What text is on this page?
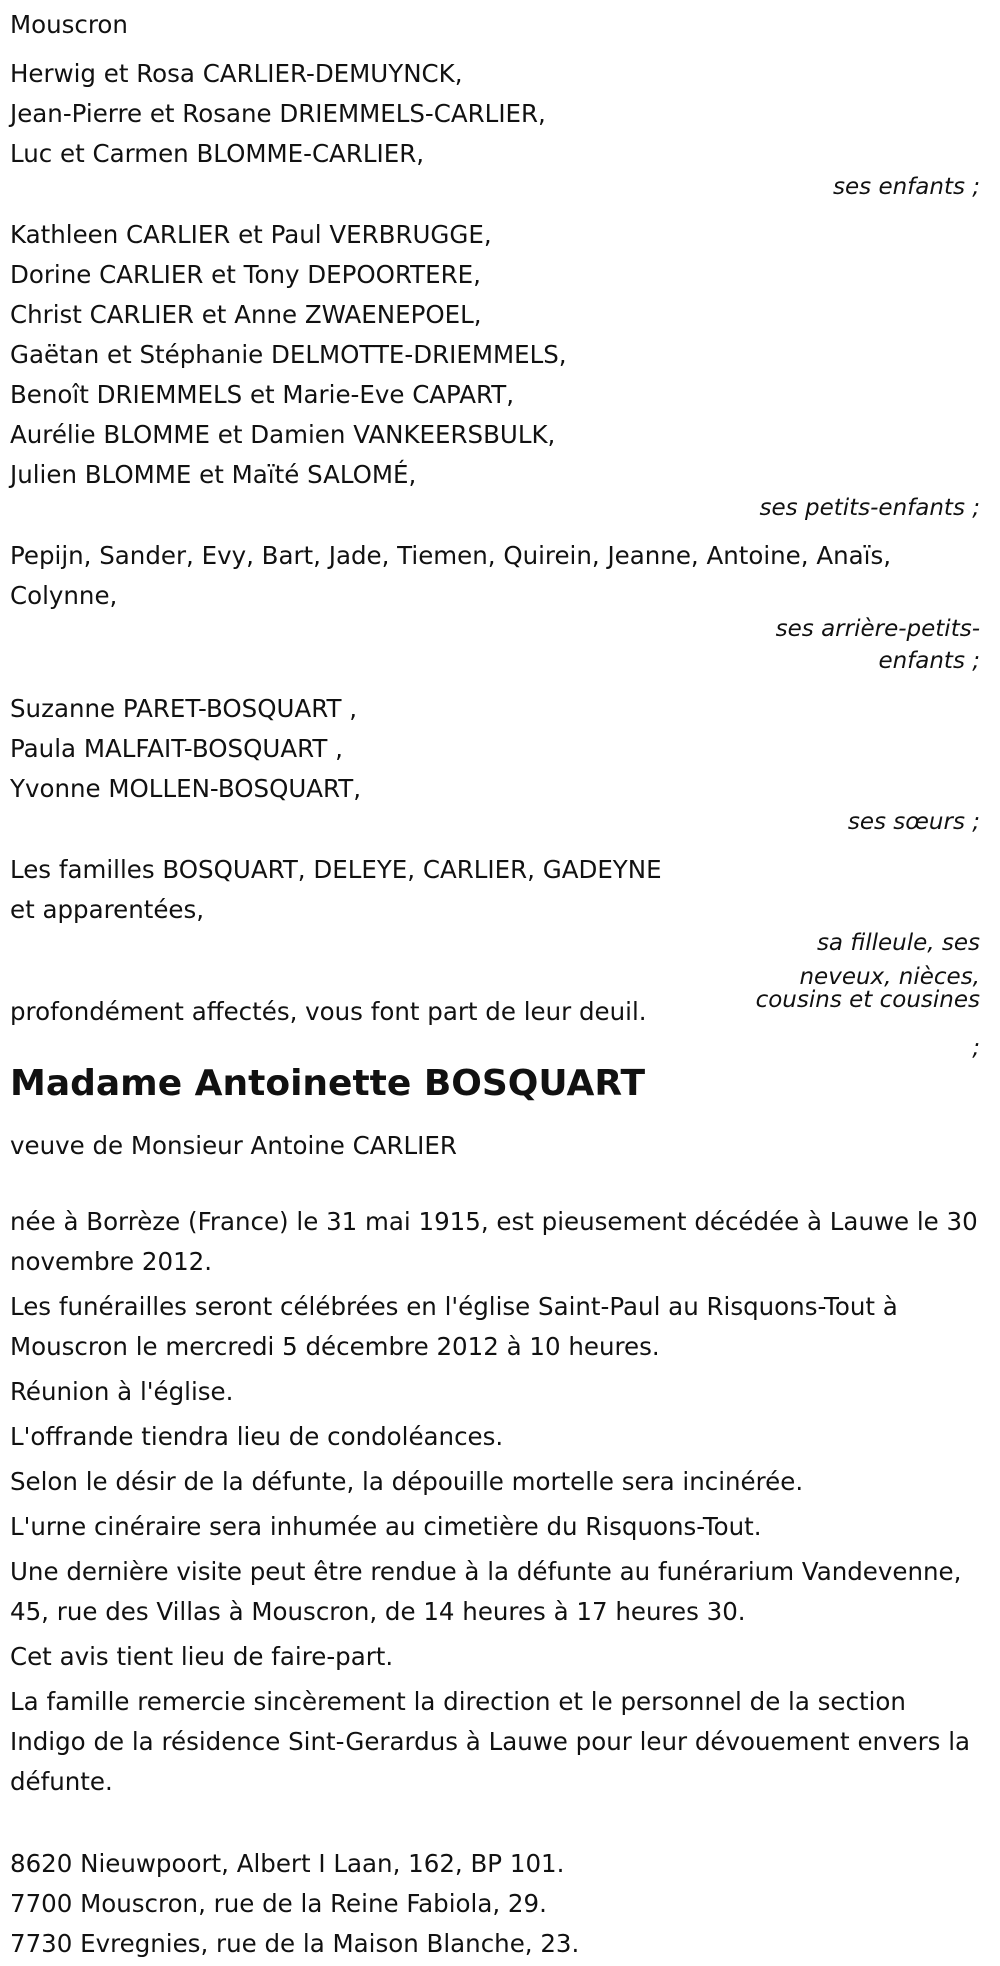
Mouscron
Herwig et Rosa CARLIER-DEMUYNCK,
Jean-Pierre et Rosane DRIEMMELS-CARLIER,
Luc et Carmen BLOMME-CARLIER,
ses enfants ;
Kathleen CARLIER et Paul VERBRUGGE,
Dorine CARLIER et Tony DEPOORTERE,
Christ CARLIER et Anne ZWAENEPOEL,
Gaëtan et Stéphanie DELMOTTE-DRIEMMELS,
Benoît DRIEMMELS et Marie-Eve CAPART,
Aurélie BLOMME et Damien VANKEERSBULK,
Julien BLOMME et Maïté SALOMÉ,
ses petits-enfants ;
Pepijn, Sander, Evy, Bart, Jade, Tiemen, Quirein, Jeanne, Antoine, Anaïs,
Colynne,
ses arrière-petits-
enfants ;
Suzanne PARET-BOSQUART ,
Paula MALFAIT-BOSQUART ,
Yvonne MOLLEN-BOSQUART,
ses sœurs ;
Les familles BOSQUART, DELEYE, CARLIER, GADEYNE
et apparentées,
sa filleule, ses
profondément affectés, vous font part de leur deuil.
neveux, nièces,
cousins et cousines
;
Madame Antoinette BOSQUART
veuve de Monsieur Antoine CARLIER
née à Borrèze (France) le 31 mai 1915, est pieusement décédée à Lauwe le 30 novembre 2012.
Les funérailles seront célébrées en l'église Saint-Paul au Risquons-Tout à Mouscron le mercredi 5 décembre 2012 à 10 heures.
Réunion à l'église.
L'offrande tiendra lieu de condoléances.
Selon le désir de la défunte, la dépouille mortelle sera incinérée.
L'urne cinéraire sera inhumée au cimetière du Risquons-Tout.
Une dernière visite peut être rendue à la défunte au funérarium Vandevenne, 45, rue des Villas à Mouscron, de 14 heures à 17 heures 30.
Cet avis tient lieu de faire-part.
La famille remercie sincèrement la direction et le personnel de la section Indigo de la résidence Sint-Gerardus à Lauwe pour leur dévouement envers la défunte.
8620 Nieuwpoort, Albert I Laan, 162, BP 101.
7700 Mouscron, rue de la Reine Fabiola, 29.
7730 Evregnies, rue de la Maison Blanche, 23.
